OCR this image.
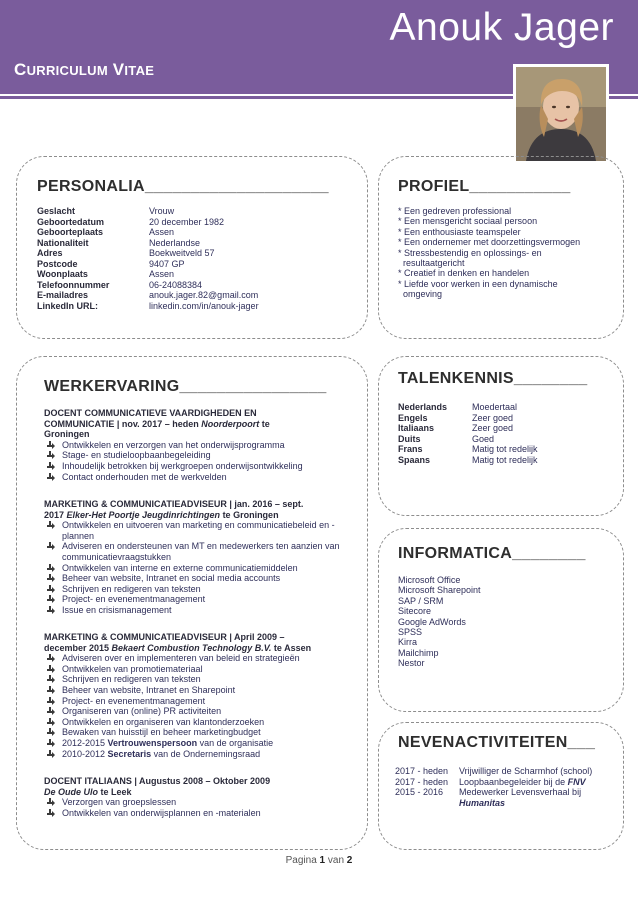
Anouk Jager
CURRICULUM VITAE
PERSONALIA____________________
Geslacht	Vrouw
Geboortedatum	20 december 1982
Geboorteplaats	Assen
Nationaliteit	Nederlandse
Adres	Boekweitveld 57
Postcode	9407 GP
Woonplaats	Assen
Telefoonnummer	06-24088384
E-mailadres	anouk.jager.82@gmail.com
LinkedIn URL:	linkedin.com/in/anouk-jager
PROFIEL___________
* Een gedreven professional
* Een mensgericht sociaal persoon
* Een enthousiaste teamspeler
* Een ondernemer met doorzettingsvermogen
* Stressbestendig en oplossings- en
resultaatgericht
* Creatief in denken en handelen
* Liefde voor werken in een dynamische
omgeving
WERKERVARING________________
DOCENT COMMUNICATIEVE VAARDIGHEDEN EN
COMMUNICATIE | nov. 2017 – heden Noorderpoort te
Groningen
Ontwikkelen en verzorgen van het onderwijsprogramma
Stage- en studieloopbaanbegeleiding
Inhoudelijk betrokken bij werkgroepen onderwijsontwikkeling
Contact onderhouden met de werkvelden
MARKETING & COMMUNICATIEADVISEUR | jan. 2016 – sept.
2017 Elker-Het Poortje Jeugdinrichtingen te Groningen
Ontwikkelen en uitvoeren van marketing en communicatiebeleid en -plannen
Adviseren en ondersteunen van MT en medewerkers ten aanzien van communicatievraagstukken
Ontwikkelen van interne en externe communicatiemiddelen
Beheer van website, Intranet en social media accounts
Schrijven en redigeren van teksten
Project- en evenementmanagement
Issue en crisismanagement
MARKETING & COMMUNICATIEADVISEUR | April 2009 –
december 2015 Bekaert Combustion Technology B.V. te Assen
Adviseren over en implementeren van beleid en strategieën
Ontwikkelen van promotiemateriaal
Schrijven en redigeren van teksten
Beheer van website, Intranet en Sharepoint
Project- en evenementmanagement
Organiseren van (online) PR activiteiten
Ontwikkelen en organiseren van klantonderzoeken
Bewaken van huisstijl en beheer marketingbudget
2012-2015 Vertrouwenspersoon van de organisatie
2010-2012 Secretaris van de Ondernemingsraad
DOCENT ITALIAANS | Augustus 2008 – Oktober 2009
De Oude Ulo te Leek
Verzorgen van groepslessen
Ontwikkelen van onderwijsplannen en -materialen
TALENKENNIS________
Nederlands	Moedertaal
Engels	Zeer goed
Italiaans	Zeer goed
Duits	Goed
Frans	Matig tot redelijk
Spaans	Matig tot redelijk
INFORMATICA________
Microsoft Office
Microsoft Sharepoint
SAP / SRM
Sitecore
Google AdWords
SPSS
Kirra
Mailchimp
Nestor
NEVENACTIVITEITEN___
2017 - heden	Vrijwilliger de Scharmhof (school)
2017 - heden	Loopbaanbegeleider bij de FNV
2015 - 2016	Medewerker Levensverhaal bij
Humanitas
Pagina 1 van 2
